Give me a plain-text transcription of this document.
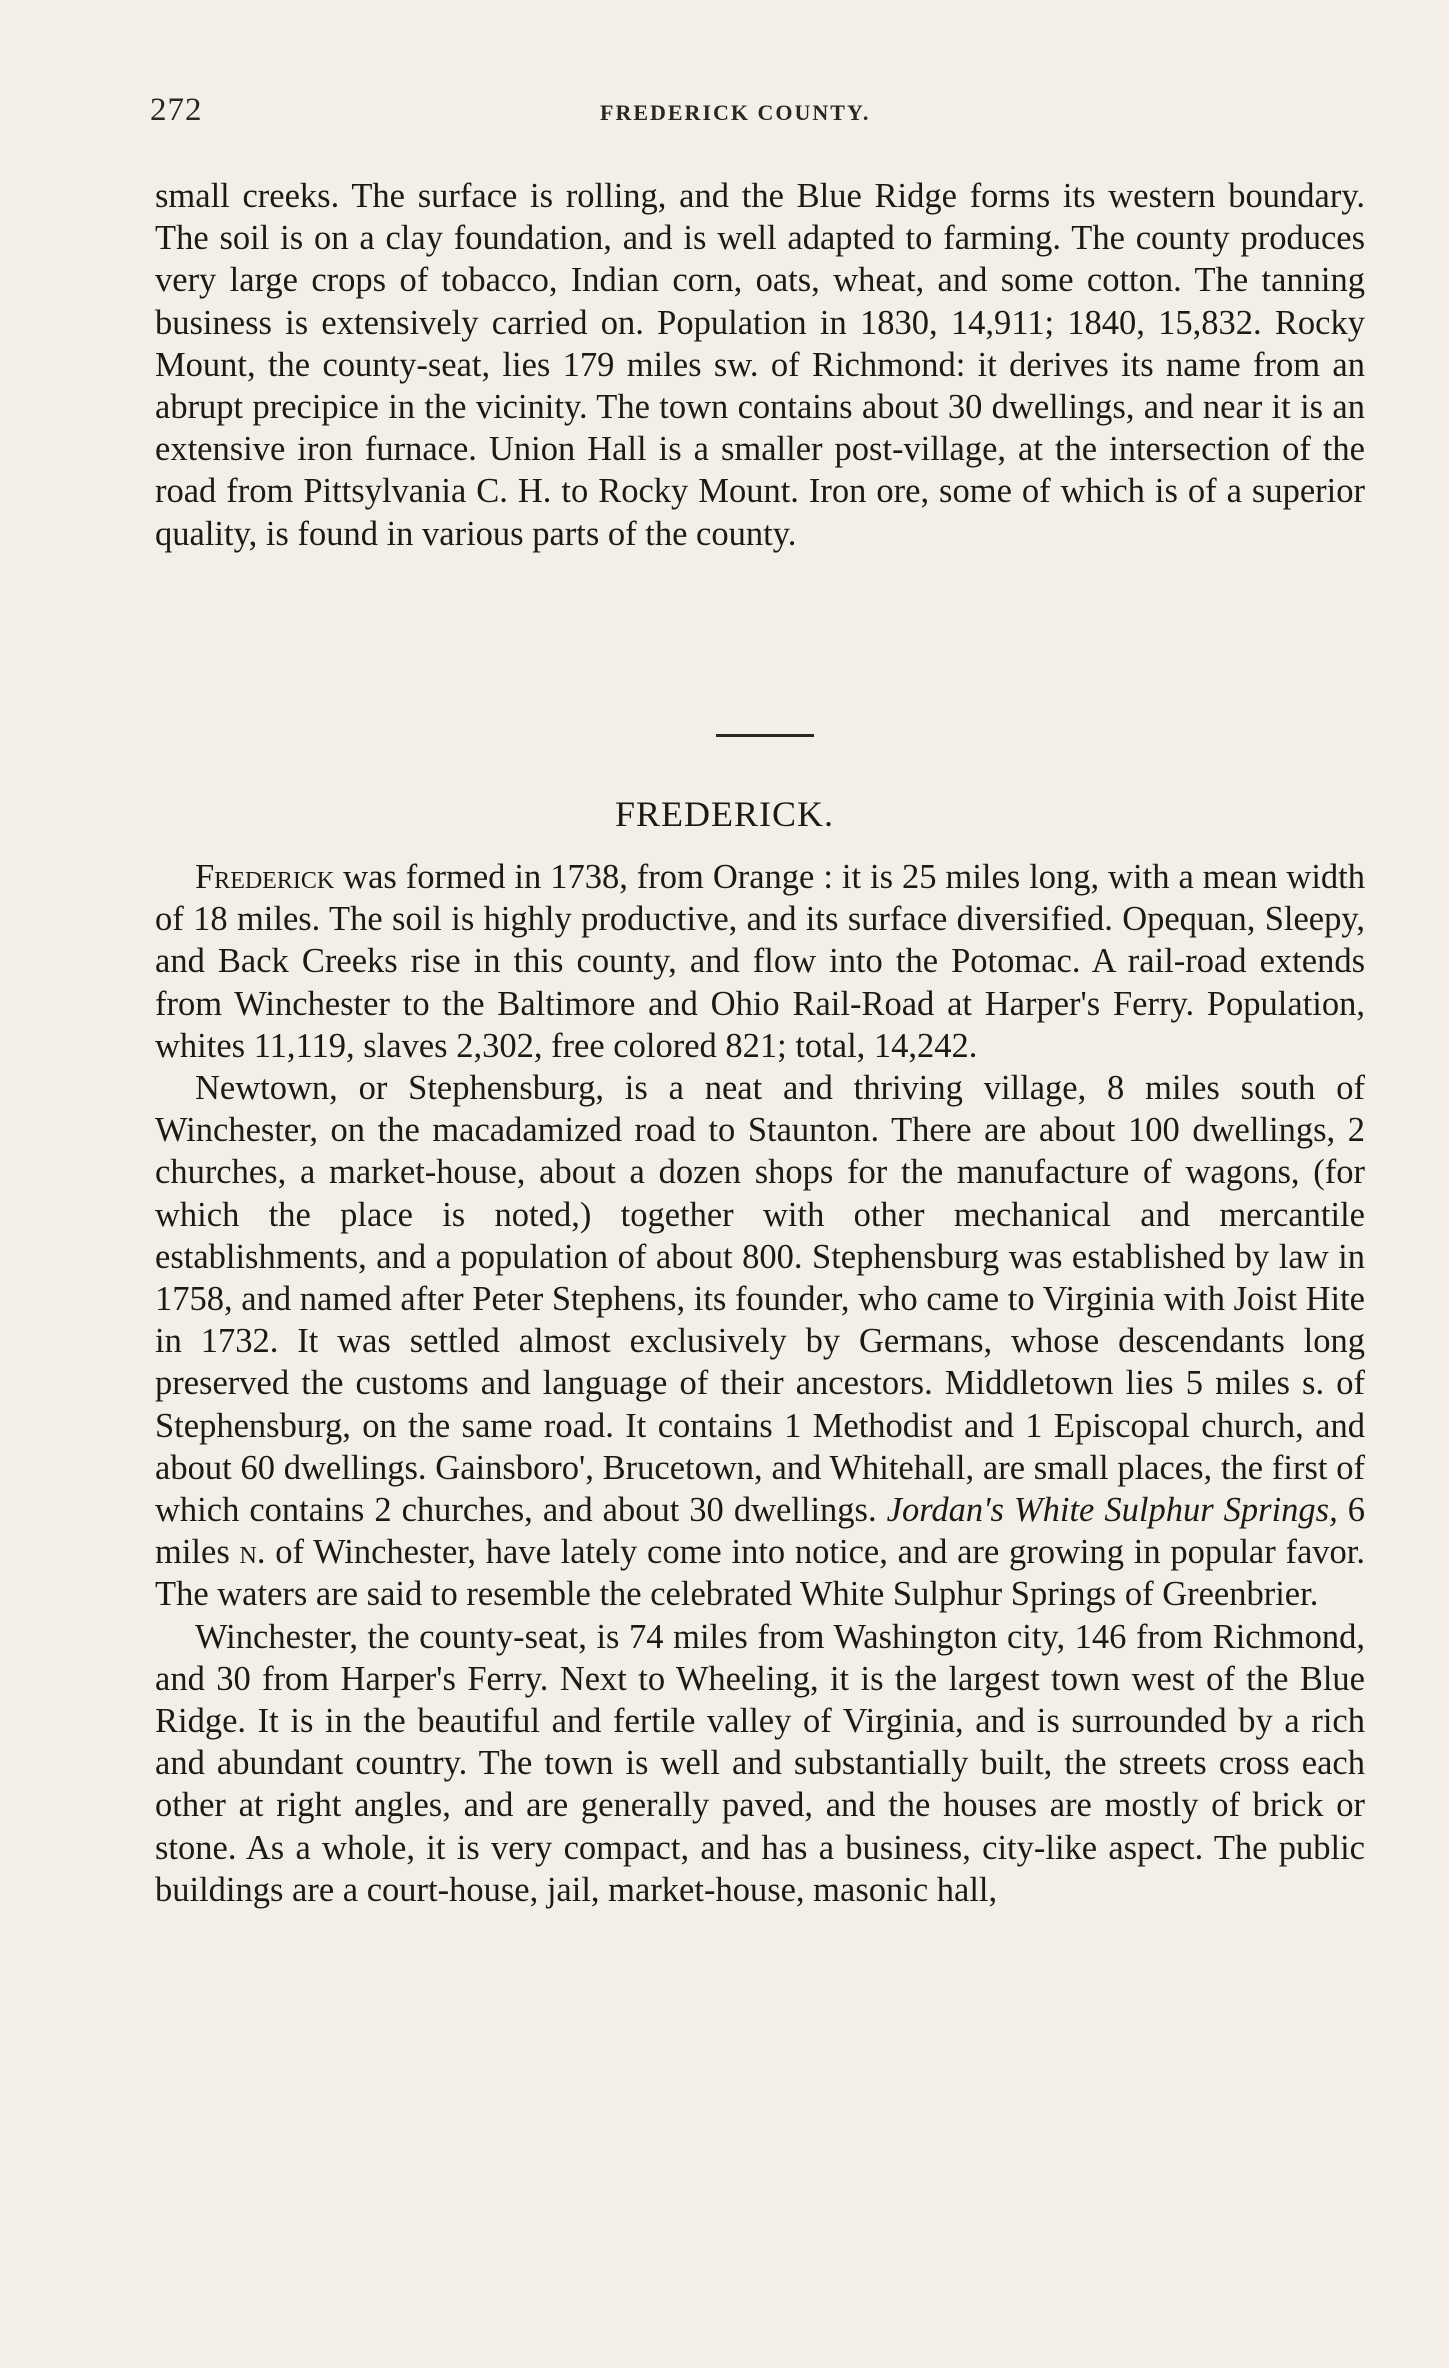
272	FREDERICK COUNTY.

small creeks. The surface is rolling, and the Blue Ridge forms its western boundary. The soil is on a clay foundation, and is well adapted to farming. The county produces very large crops of tobacco, Indian corn, oats, wheat, and some cotton. The tanning business is extensively carried on. Population in 1830, 14,911; 1840, 15,832. Rocky Mount, the county-seat, lies 179 miles sw. of Richmond: it derives its name from an abrupt precipice in the vicinity. The town contains about 30 dwellings, and near it is an extensive iron furnace. Union Hall is a smaller post-village, at the intersection of the road from Pittsylvania C. H. to Rocky Mount. Iron ore, some of which is of a superior quality, is found in various parts of the county.

FREDERICK.

Frederick was formed in 1738, from Orange : it is 25 miles long, with a mean width of 18 miles. The soil is highly productive, and its surface diversified. Opequan, Sleepy, and Back Creeks rise in this county, and flow into the Potomac. A rail-road extends from Winchester to the Baltimore and Ohio Rail-Road at Harper's Ferry. Population, whites 11,119, slaves 2,302, free colored 821; total, 14,242.

Newtown, or Stephensburg, is a neat and thriving village, 8 miles south of Winchester, on the macadamized road to Staunton. There are about 100 dwellings, 2 churches, a market-house, about a dozen shops for the manufacture of wagons, (for which the place is noted,) together with other mechanical and mercantile establishments, and a population of about 800. Stephensburg was established by law in 1758, and named after Peter Stephens, its founder, who came to Virginia with Joist Hite in 1732. It was settled almost exclusively by Germans, whose descendants long preserved the customs and language of their ancestors. Middletown lies 5 miles s. of Stephensburg, on the same road. It contains 1 Methodist and 1 Episcopal church, and about 60 dwellings. Gainsboro', Brucetown, and Whitehall, are small places, the first of which contains 2 churches, and about 30 dwellings. Jordan's White Sulphur Springs, 6 miles n. of Winchester, have lately come into notice, and are growing in popular favor. The waters are said to resemble the celebrated White Sulphur Springs of Greenbrier.

Winchester, the county-seat, is 74 miles from Washington city, 146 from Richmond, and 30 from Harper's Ferry. Next to Wheeling, it is the largest town west of the Blue Ridge. It is in the beautiful and fertile valley of Virginia, and is surrounded by a rich and abundant country. The town is well and substantially built, the streets cross each other at right angles, and are generally paved, and the houses are mostly of brick or stone. As a whole, it is very compact, and has a business, city-like aspect. The public buildings are a court-house, jail, market-house, masonic hall,
